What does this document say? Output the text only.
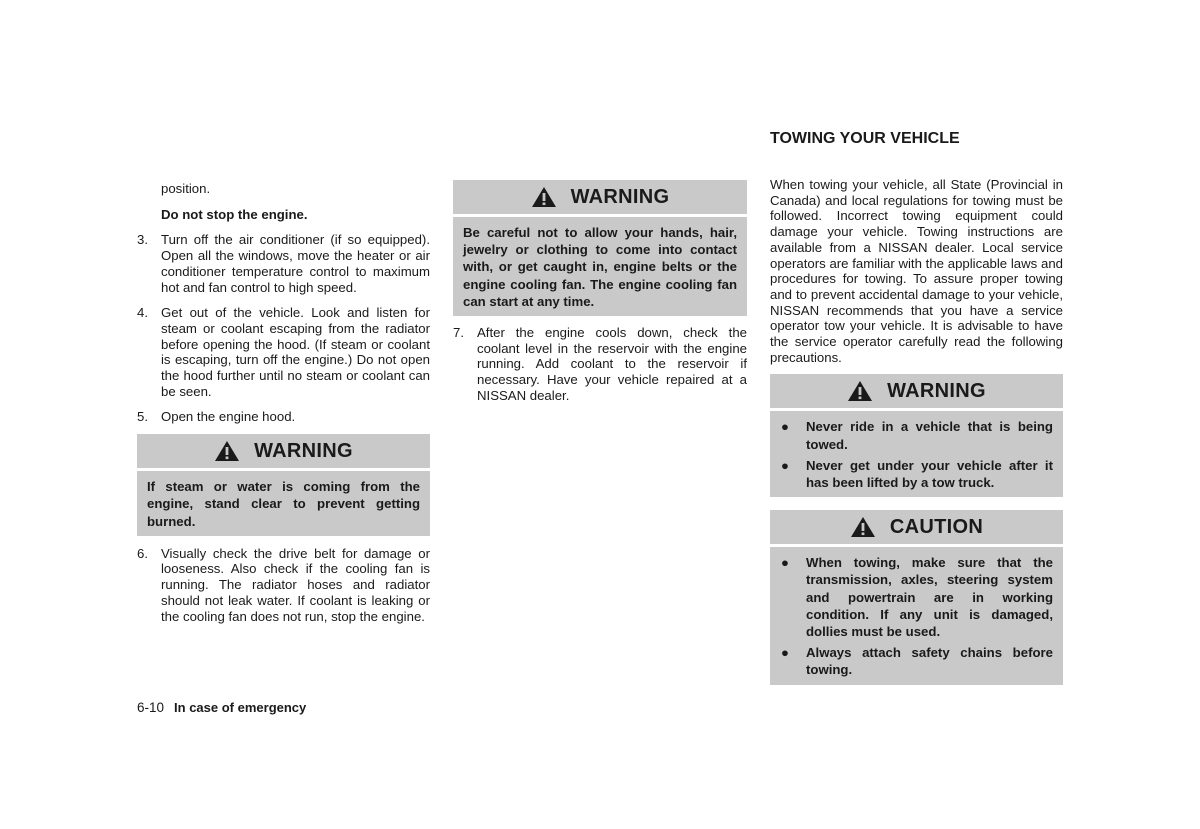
position.

Do not stop the engine.

3. Turn off the air conditioner (if so equipped). Open all the windows, move the heater or air conditioner temperature control to maximum hot and fan control to high speed.
4. Get out of the vehicle. Look and listen for steam or coolant escaping from the radiator before opening the hood. (If steam or coolant is escaping, turn off the engine.) Do not open the hood further until no steam or coolant can be seen.
5. Open the engine hood.
WARNING
If steam or water is coming from the engine, stand clear to prevent getting burned.
6. Visually check the drive belt for damage or looseness. Also check if the cooling fan is running. The radiator hoses and radiator should not leak water. If coolant is leaking or the cooling fan does not run, stop the engine.
WARNING
Be careful not to allow your hands, hair, jewelry or clothing to come into contact with, or get caught in, engine belts or the engine cooling fan. The engine cooling fan can start at any time.
7. After the engine cools down, check the coolant level in the reservoir with the engine running. Add coolant to the reservoir if necessary. Have your vehicle repaired at a NISSAN dealer.
TOWING YOUR VEHICLE

When towing your vehicle, all State (Provincial in Canada) and local regulations for towing must be followed. Incorrect towing equipment could damage your vehicle. Towing instructions are available from a NISSAN dealer. Local service operators are familiar with the applicable laws and procedures for towing. To assure proper towing and to prevent accidental damage to your vehicle, NISSAN recommends that you have a service operator tow your vehicle. It is advisable to have the service operator carefully read the following precautions.

WARNING
●	Never ride in a vehicle that is being towed.
●	Never get under your vehicle after it has been lifted by a tow truck.
CAUTION
●	When towing, make sure that the transmission, axles, steering system and powertrain are in working condition. If any unit is damaged, dollies must be used.
●	Always attach safety chains before towing.
6-10 In case of emergency
